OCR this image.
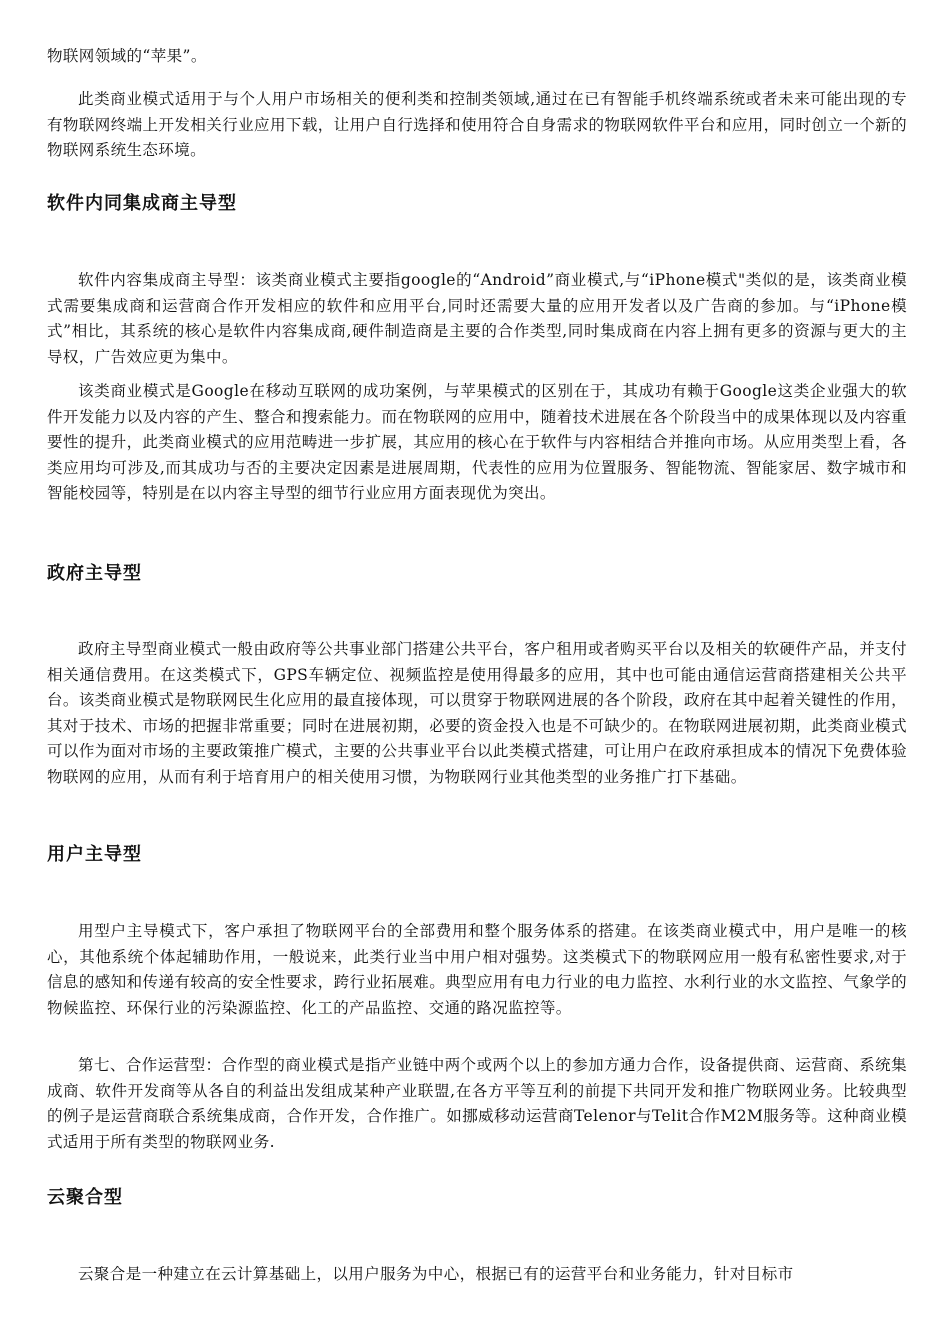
物联网领域的“苹果”。

此类商业模式适用于与个人用户市场相关的便利类和控制类领域,通过在已有智能手机终端系统或者未来可能出现的专有物联网终端上开发相关行业应用下载，让用户自行选择和使用符合自身需求的物联网软件平台和应用，同时创立一个新的物联网系统生态环境。

软件内同集成商主导型

软件内容集成商主导型：该类商业模式主要指google的“Android”商业模式,与“iPhone模式"类似的是，该类商业模式需要集成商和运营商合作开发相应的软件和应用平台,同时还需要大量的应用开发者以及广告商的参加。与“iPhone模式”相比，其系统的核心是软件内容集成商,硬件制造商是主要的合作类型,同时集成商在内容上拥有更多的资源与更大的主导权，广告效应更为集中。

该类商业模式是Google在移动互联网的成功案例，与苹果模式的区别在于，其成功有赖于Google这类企业强大的软件开发能力以及内容的产生、整合和搜索能力。而在物联网的应用中，随着技术进展在各个阶段当中的成果体现以及内容重要性的提升，此类商业模式的应用范畴进一步扩展，其应用的核心在于软件与内容相结合并推向市场。从应用类型上看，各类应用均可涉及,而其成功与否的主要决定因素是进展周期，代表性的应用为位置服务、智能物流、智能家居、数字城市和智能校园等，特别是在以内容主导型的细节行业应用方面表现优为突出。

政府主导型

政府主导型商业模式一般由政府等公共事业部门搭建公共平台，客户租用或者购买平台以及相关的软硬件产品，并支付相关通信费用。在这类模式下，GPS车辆定位、视频监控是使用得最多的应用，其中也可能由通信运营商搭建相关公共平台。该类商业模式是物联网民生化应用的最直接体现，可以贯穿于物联网进展的各个阶段，政府在其中起着关键性的作用，其对于技术、市场的把握非常重要；同时在进展初期，必要的资金投入也是不可缺少的。在物联网进展初期，此类商业模式可以作为面对市场的主要政策推广模式，主要的公共事业平台以此类模式搭建，可让用户在政府承担成本的情况下免费体验物联网的应用，从而有利于培育用户的相关使用习惯，为物联网行业其他类型的业务推广打下基础。

用户主导型

用型户主导模式下，客户承担了物联网平台的全部费用和整个服务体系的搭建。在该类商业模式中，用户是唯一的核心，其他系统个体起辅助作用，一般说来，此类行业当中用户相对强势。这类模式下的物联网应用一般有私密性要求,对于信息的感知和传递有较高的安全性要求，跨行业拓展难。典型应用有电力行业的电力监控、水利行业的水文监控、气象学的物候监控、环保行业的污染源监控、化工的产品监控、交通的路况监控等。

第七、合作运营型：合作型的商业模式是指产业链中两个或两个以上的参加方通力合作，设备提供商、运营商、系统集成商、软件开发商等从各自的利益出发组成某种产业联盟,在各方平等互利的前提下共同开发和推广物联网业务。比较典型的例子是运营商联合系统集成商，合作开发，合作推广。如挪威移动运营商Telenor与Telit合作M2M服务等。这种商业模式适用于所有类型的物联网业务.

云聚合型

云聚合是一种建立在云计算基础上，以用户服务为中心，根据已有的运营平台和业务能力，针对目标市
